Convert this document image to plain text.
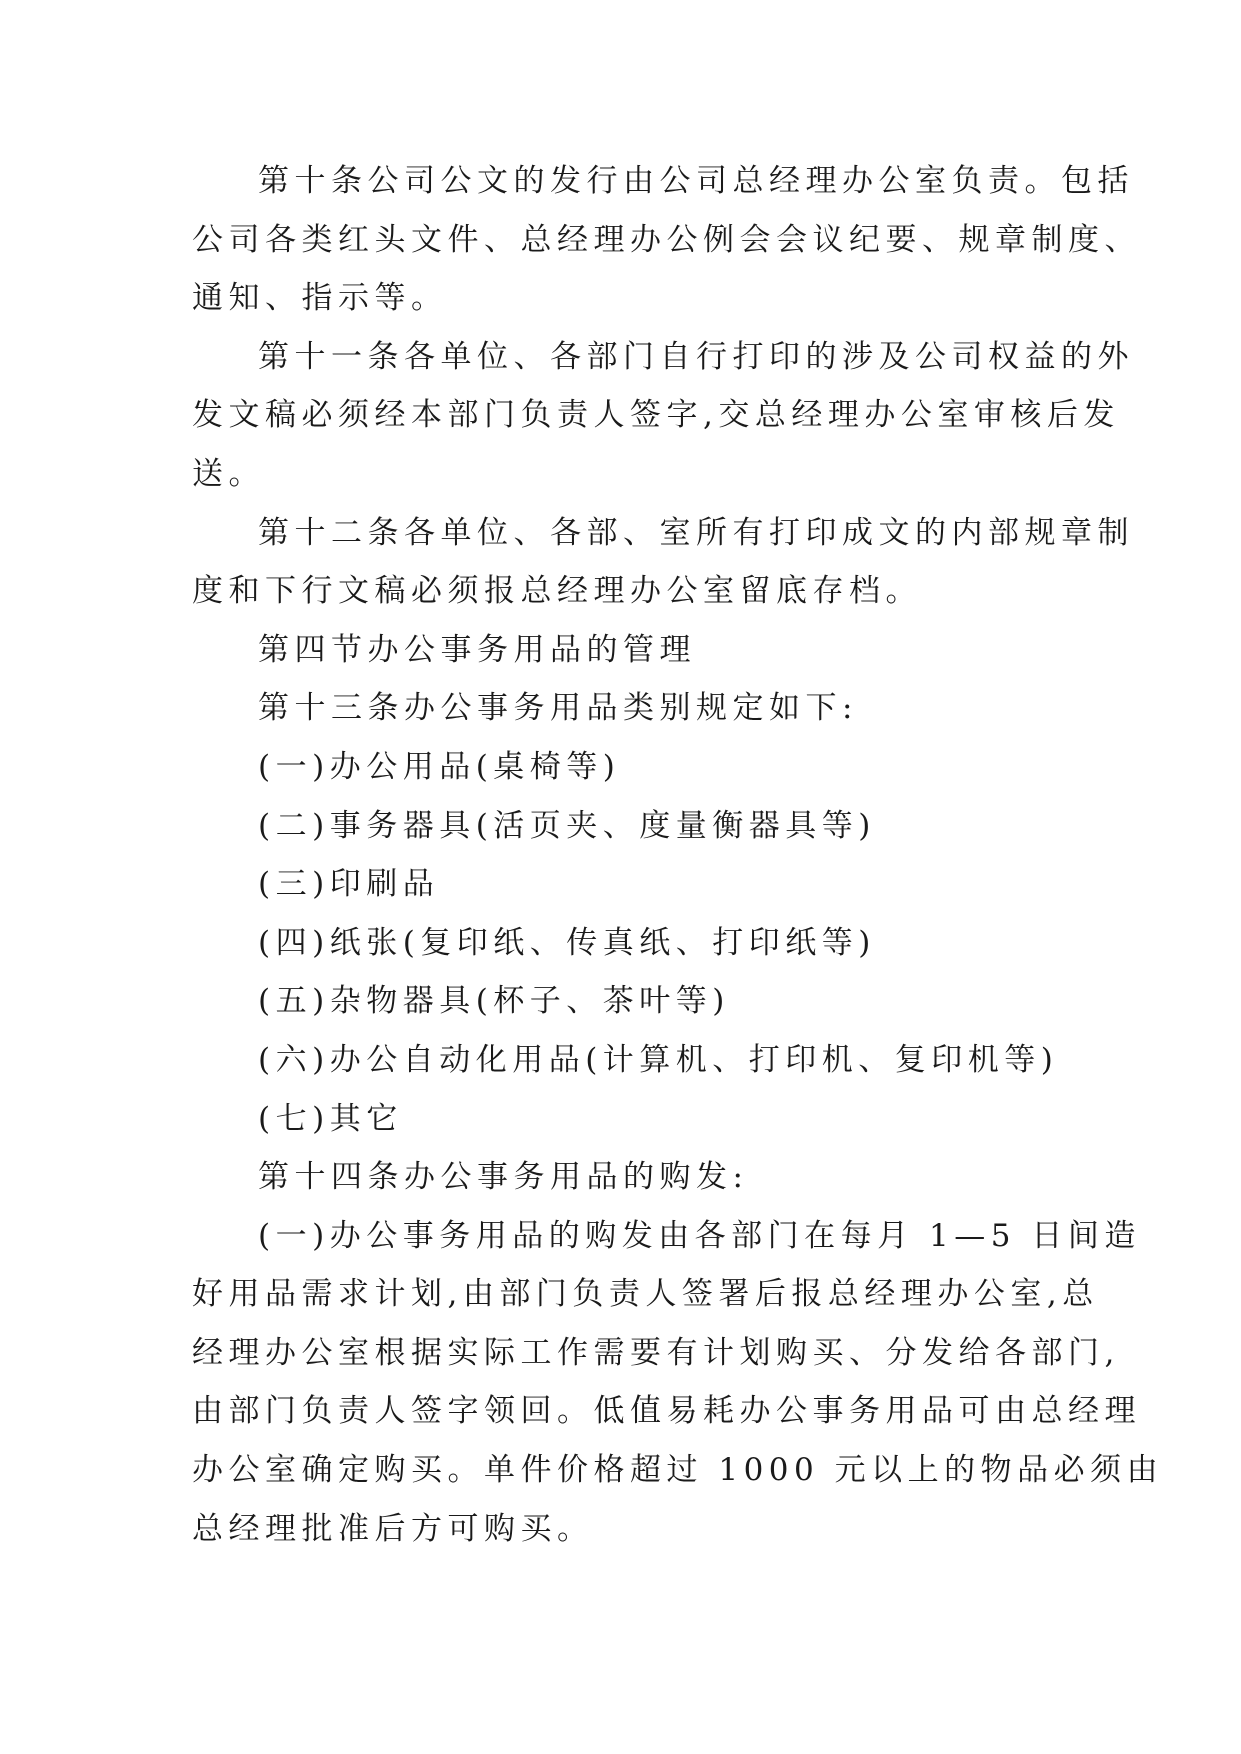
第十条公司公文的发行由公司总经理办公室负责。包括

公司各类红头文件、总经理办公例会会议纪要、规章制度、

通知、指示等。

第十一条各单位、各部门自行打印的涉及公司权益的外

发文稿必须经本部门负责人签字,交总经理办公室审核后发

送。

第十二条各单位、各部、室所有打印成文的内部规章制

度和下行文稿必须报总经理办公室留底存档。

第四节办公事务用品的管理

第十三条办公事务用品类别规定如下:

(一)办公用品(桌椅等)

(二)事务器具(活页夹、度量衡器具等)

(三)印刷品

(四)纸张(复印纸、传真纸、打印纸等)

(五)杂物器具(杯子、茶叶等)

(六)办公自动化用品(计算机、打印机、复印机等)

(七)其它

第十四条办公事务用品的购发:

(一)办公事务用品的购发由各部门在每月 1—5 日间造

好用品需求计划,由部门负责人签署后报总经理办公室,总

经理办公室根据实际工作需要有计划购买、分发给各部门,

由部门负责人签字领回。低值易耗办公事务用品可由总经理

办公室确定购买。单件价格超过 1000 元以上的物品必须由

总经理批准后方可购买。
